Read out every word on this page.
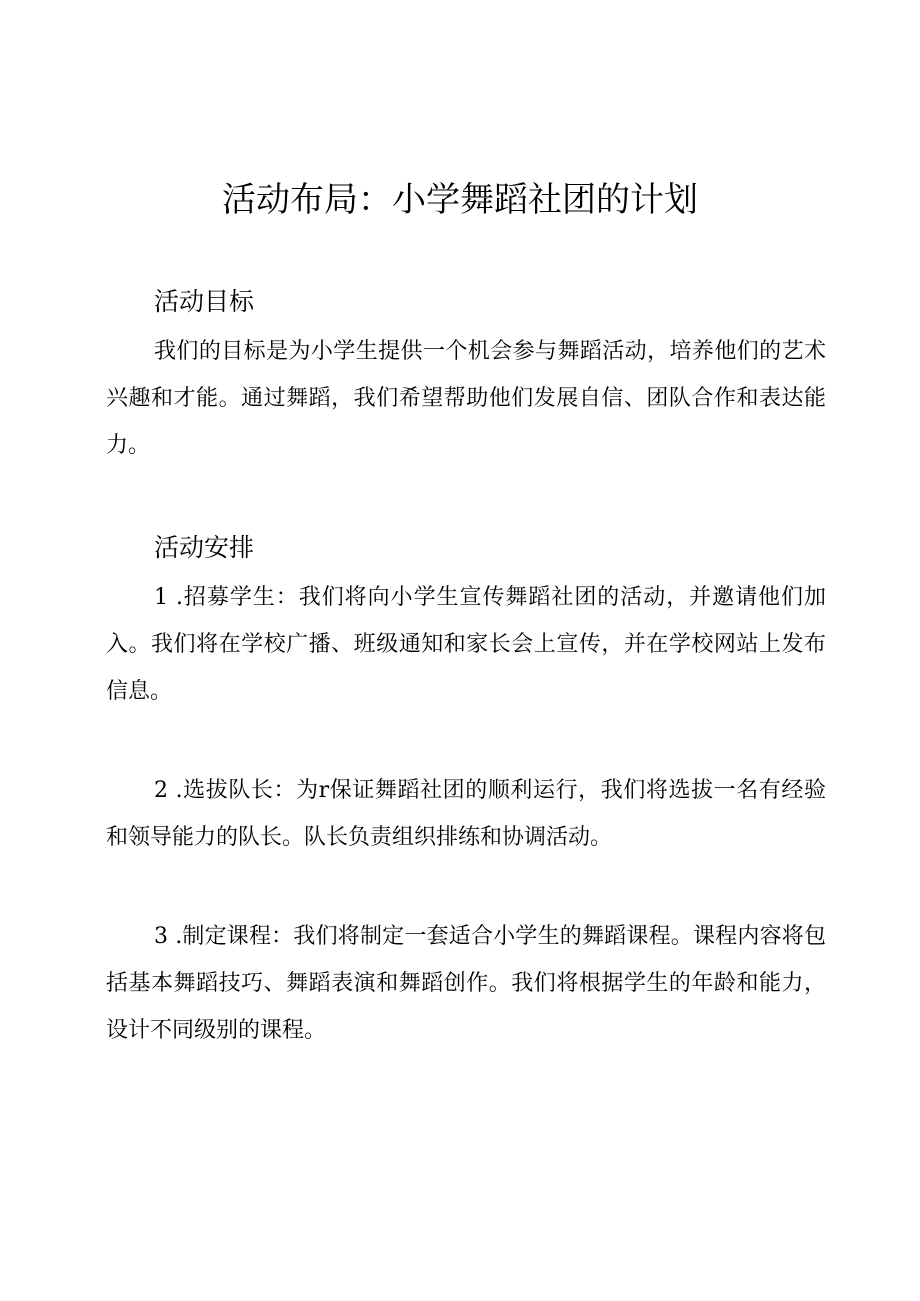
活动布局：小学舞蹈社团的计划
活动目标

我们的目标是为小学生提供一个机会参与舞蹈活动，培养他们的艺术兴趣和才能。通过舞蹈，我们希望帮助他们发展自信、团队合作和表达能力。

活动安排

1 .招募学生：我们将向小学生宣传舞蹈社团的活动，并邀请他们加入。我们将在学校广播、班级通知和家长会上宣传，并在学校网站上发布信息。

2 .选拔队长：为r保证舞蹈社团的顺利运行，我们将选拔一名有经验和领导能力的队长。队长负责组织排练和协调活动。

3 .制定课程：我们将制定一套适合小学生的舞蹈课程。课程内容将包括基本舞蹈技巧、舞蹈表演和舞蹈创作。我们将根据学生的年龄和能力，设计不同级别的课程。
